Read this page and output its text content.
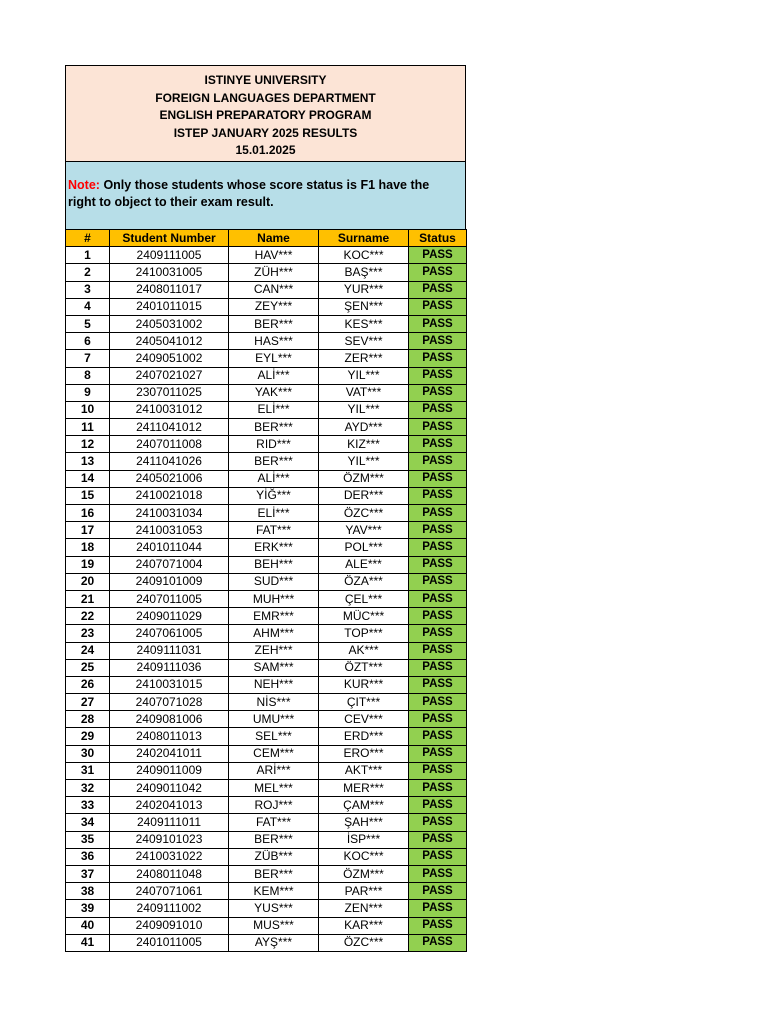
ISTINYE UNIVERSITY
FOREIGN LANGUAGES DEPARTMENT
ENGLISH PREPARATORY PROGRAM
ISTEP JANUARY 2025 RESULTS
15.01.2025
Note: Only those students whose score status is F1 have the right to object to their exam result.
#	Student Number	Name	Surname	Status
1	2409111005	HAV***	KOC***	PASS
2	2410031005	ZÜH***	BAŞ***	PASS
3	2408011017	CAN***	YUR***	PASS
4	2401011015	ZEY***	ŞEN***	PASS
5	2405031002	BER***	KES***	PASS
6	2405041012	HAS***	SEV***	PASS
7	2409051002	EYL***	ZER***	PASS
8	2407021027	ALİ***	YIL***	PASS
9	2307011025	YAK***	VAT***	PASS
10	2410031012	ELİ***	YIL***	PASS
11	2411041012	BER***	AYD***	PASS
12	2407011008	RID***	KIZ***	PASS
13	2411041026	BER***	YIL***	PASS
14	2405021006	ALİ***	ÖZM***	PASS
15	2410021018	YİĞ***	DER***	PASS
16	2410031034	ELİ***	ÖZC***	PASS
17	2410031053	FAT***	YAV***	PASS
18	2401011044	ERK***	POL***	PASS
19	2407071004	BEH***	ALE***	PASS
20	2409101009	SUD***	ÖZA***	PASS
21	2407011005	MUH***	ÇEL***	PASS
22	2409011029	EMR***	MÜC***	PASS
23	2407061005	AHM***	TOP***	PASS
24	2409111031	ZEH***	AK***	PASS
25	2409111036	SAM***	ÖZT***	PASS
26	2410031015	NEH***	KUR***	PASS
27	2407071028	NİS***	ÇIT***	PASS
28	2409081006	UMU***	CEV***	PASS
29	2408011013	SEL***	ERD***	PASS
30	2402041011	CEM***	ERO***	PASS
31	2409011009	ARİ***	AKT***	PASS
32	2409011042	MEL***	MER***	PASS
33	2402041013	ROJ***	ÇAM***	PASS
34	2409111011	FAT***	ŞAH***	PASS
35	2409101023	BER***	İSP***	PASS
36	2410031022	ZÜB***	KOC***	PASS
37	2408011048	BER***	ÖZM***	PASS
38	2407071061	KEM***	PAR***	PASS
39	2409111002	YUS***	ZEN***	PASS
40	2409091010	MUS***	KAR***	PASS
41	2401011005	AYŞ***	ÖZC***	PASS
